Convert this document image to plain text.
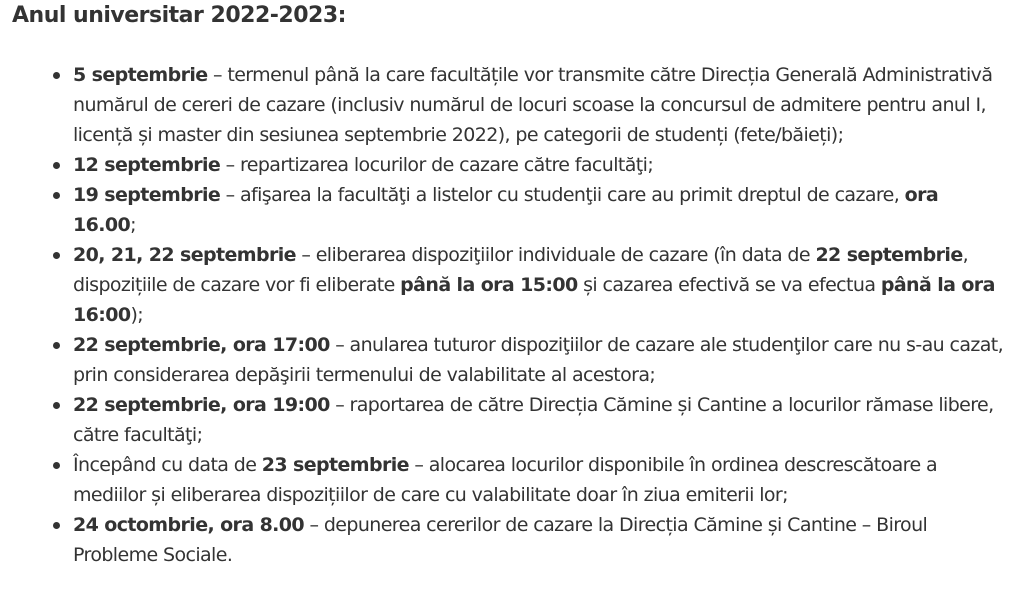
Anul universitar 2022-2023:
5 septembrie – termenul până la care facultățile vor transmite către Direcția Generală Administrativă numărul de cereri de cazare (inclusiv numărul de locuri scoase la concursul de admitere pentru anul I, licență și master din sesiunea septembrie 2022), pe categorii de studenți (fete/băieți);
12 septembrie – repartizarea locurilor de cazare către facultăţi;
19 septembrie – afişarea la facultăţi a listelor cu studenţii care au primit dreptul de cazare, ora 16.00;
20, 21, 22 septembrie – eliberarea dispoziţiilor individuale de cazare (în data de 22 septembrie, dispozițiile de cazare vor fi eliberate până la ora 15:00 și cazarea efectivă se va efectua până la ora 16:00);
22 septembrie, ora 17:00 – anularea tuturor dispoziţiilor de cazare ale studenţilor care nu s-au cazat, prin considerarea depăşirii termenului de valabilitate al acestora;
22 septembrie, ora 19:00 – raportarea de către Direcția Cămine și Cantine a locurilor rămase libere, către facultăţi;
Începând cu data de 23 septembrie – alocarea locurilor disponibile în ordinea descrescătoare a mediilor și eliberarea dispozițiilor de care cu valabilitate doar în ziua emiterii lor;
24 octombrie, ora 8.00 – depunerea cererilor de cazare la Direcția Cămine și Cantine – Biroul Probleme Sociale.
